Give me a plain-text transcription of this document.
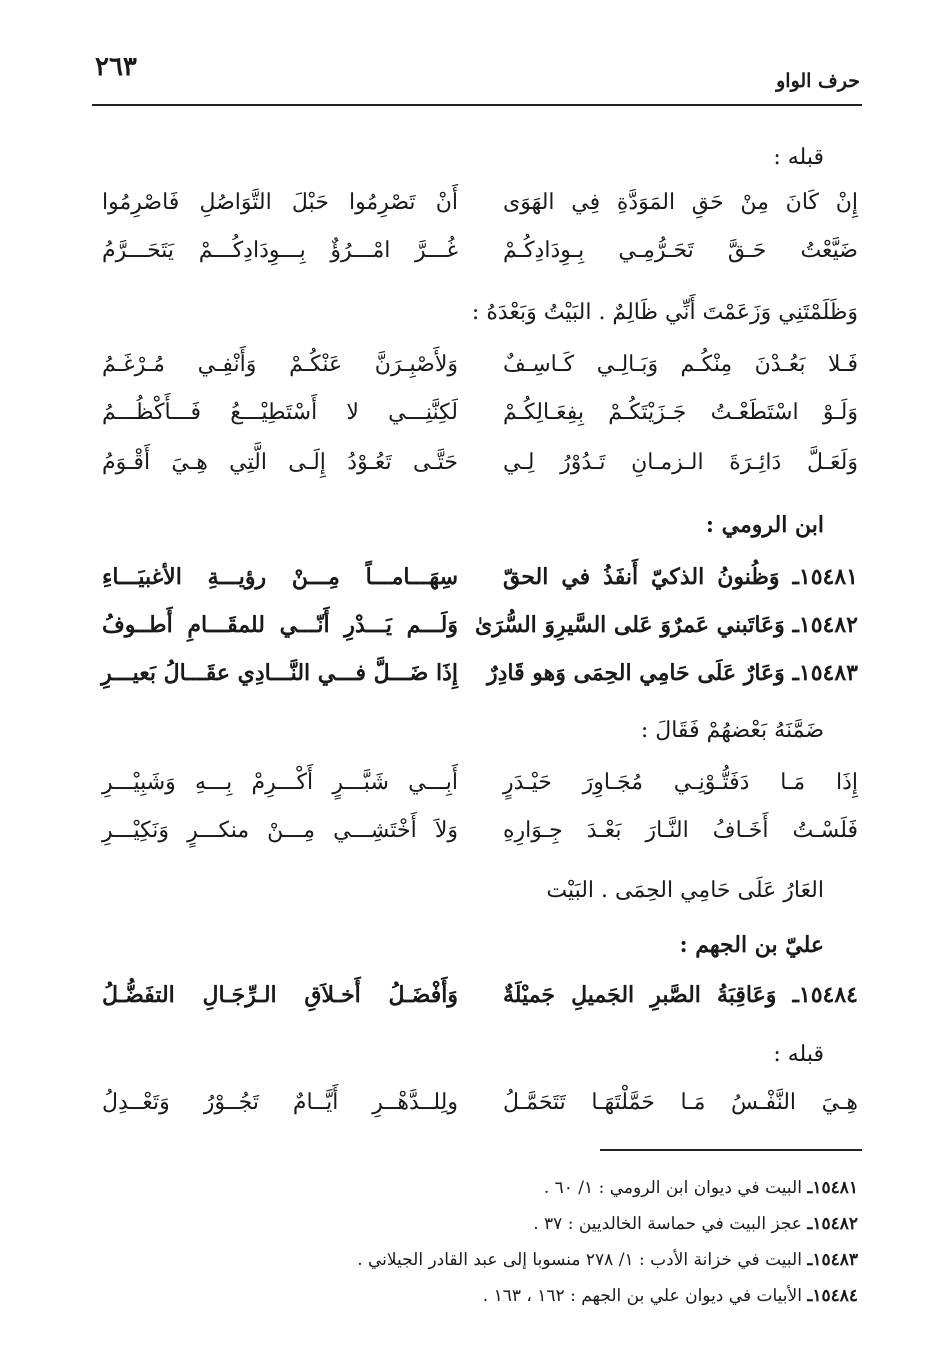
حرف الواو
٢٦٣
قبله :
إِنْ كَانَ مِنْ حَقِ المَوَدَّةِ فِي الهَوَى
أَنْ تَصْرِمُوا حَبْلَ التَّوَاصُلِ فَاصْرِمُوا
ضَيَّعْتُ حَـقَّ تَحَـرُّمِـي بِـوِدَادِكُـمْ
غُـــرَّ امْـــرُؤٌ بِـــوِدَادِكُـــمْ يَتَحَـــرَّمُ
وَظَلَمْتَنِي وَزَعَمْتَ أَنِّي ظَالِمٌ . البَيْتُ وَبَعْدَهُ :
فَـلا بَعُـدْنَ مِنْكُـم وَبَـالِـي كَـاسِـفٌ
وَلأَصْبِـرَنَّ عَنْكُـمْ وَأَنْفِـي مُـرْغَـمُ
وَلَـوْ اسْتَطَعْـتُ جَـزَيْتَكُـمْ بِفِعَـالِكُـمْ
لَكِنَّنِـــي لا أَسْتَطِيْـــعُ فَـــأَكْظُـــمُ
وَلَعَـلَّ دَائِـرَةَ الـزمـانِ تَـدُوْرُ لِـي
حَتَّـى تَعُـوْدُ إِلَـى الَّتِي هِـيَ أَقْـوَمُ
ابن الرومي :
١٥٤٨١ـ وَظُنونُ الذكيّ أَنفَذُ في الحقّ
سِهَـــامـــاً مِـــنْ رؤيـــةِ الأغبيَـــاءِ
١٥٤٨٢ـ وَعَاتَبني عَمرٌوَ عَلى السَّيرِوَ السُّرَىٰ
وَلَـــم يَـــدْرِ أَنّـــي للمقَـــامِ أَطــوفُ
١٥٤٨٣ـ وَعَارٌ عَلَى حَامِي الحِمَى وَهو قَادِرٌ
إِذَا ضَـــلَّ فـــي النَّـــادِي عقَـــالُ بَعيـــرِ
ضَمَّنَهُ بَعْضهُمْ فَقَالَ :
إِذَا مَـا دَفَتُّـوْنِـي مُجَـاوِرَ حَيْـدَرٍ
أَبِـــي شَبَّـــرٍ أَكْـــرِمْ بِـــهِ وَشَبِيْـــرِ
فَلَسْـتُ أَخَـافُ النَّـارَ بَعْـدَ جِـوَارِهِ
وَلاَ أَخْتَشِـــي مِـــنْ منكـــرٍ وَنَكِيْـــرِ
العَارُ عَلَى حَامِي الحِمَى . البَيْت
عليّ بن الجهم :
١٥٤٨٤ـ وَعَاقِبَةُ الصَّبرِ الجَميلِ جَميْلَةٌ
وَأَفْضَـلُ أَخـلاَقِ الـرِّجَـالِ التفَضُّـلُ
قبله :
هِـيَ النَّفْـسُ مَـا حَمَّلْتَهَـا تَتَحَمَّـلُ
ولِلــدَّهْــرِ أَيَّــامٌ تَجُــوْرُ وَتَعْــدِلُ
١٥٤٨١ـ البيت في ديوان ابن الرومي : ١/ ٦٠ .
١٥٤٨٢ـ عجز البيت في حماسة الخالديين : ٣٧ .
١٥٤٨٣ـ البيت في خزانة الأدب : ١/ ٢٧٨ منسوبا إلى عبد القادر الجيلاني .
١٥٤٨٤ـ الأبيات في ديوان علي بن الجهم : ١٦٢ ، ١٦٣ .
